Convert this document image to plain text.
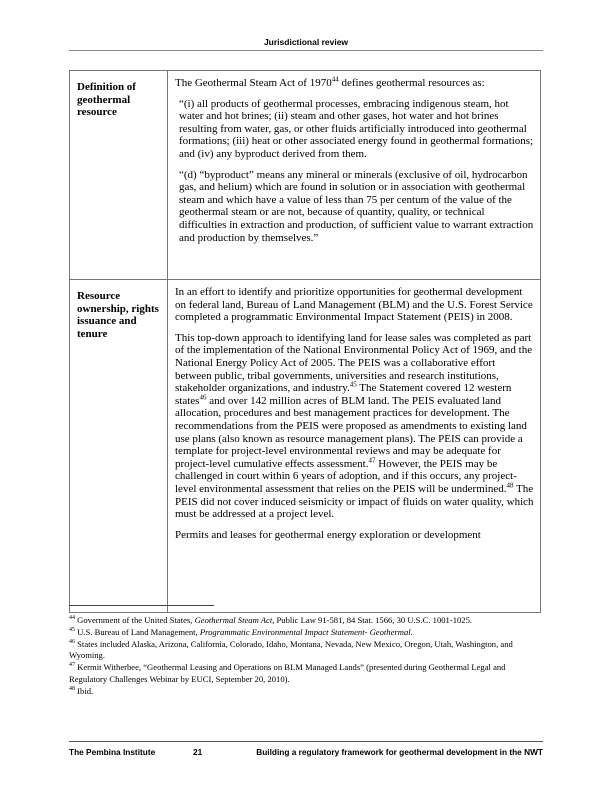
Jurisdictional review
Definition of geothermal resource	The Geothermal Steam Act of 1970$^{44}$ defines geothermal resources as:

“(i) all products of geothermal processes, embracing indigenous steam, hot water and hot brines; (ii) steam and other gases, hot water and hot brines resulting from water, gas, or other fluids artificially introduced into geothermal formations; (iii) heat or other associated energy found in geothermal formations; and (iv) any byproduct derived from them.

“(d) “byproduct” means any mineral or minerals (exclusive of oil, hydrocarbon gas, and helium) which are found in solution or in association with geothermal steam and which have a value of less than 75 per centum of the value of the geothermal steam or are not, because of quantity, quality, or technical difficulties in extraction and production, of sufficient value to warrant extraction and production by themselves.”

Resource ownership, rights issuance and tenure	In an effort to identify and prioritize opportunities for geothermal development on federal land, Bureau of Land Management (BLM) and the U.S. Forest Service completed a programmatic Environmental Impact Statement (PEIS) in 2008.

This top-down approach to identifying land for lease sales was completed as part of the implementation of the National Environmental Policy Act of 1969, and the National Energy Policy Act of 2005. The PEIS was a collaborative effort between public, tribal governments, universities and research institutions, stakeholder organizations, and industry.$^{45}$ The Statement covered 12 western states$^{46}$ and over 142 million acres of BLM land. The PEIS evaluated land allocation, procedures and best management practices for development. The recommendations from the PEIS were proposed as amendments to existing land use plans (also known as resource management plans). The PEIS can provide a template for project-level environmental reviews and may be adequate for project-level cumulative effects assessment.$^{47}$ However, the PEIS may be challenged in court within 6 years of adoption, and if this occurs, any project-level environmental assessment that relies on the PEIS will be undermined.$^{48}$ The PEIS did not cover induced seismicity or impact of fluids on water quality, which must be addressed at a project level.

Permits and leases for geothermal energy exploration or development

$^{44}$ Government of the United States, Geothermal Steam Act, Public Law 91-581, 84 Stat. 1566, 30 U.S.C. 1001-1025.

$^{45}$ U.S. Bureau of Land Management, Programmatic Environmental Impact Statement- Geothermal.

$^{46}$ States included Alaska, Arizona, California, Colorado, Idaho, Montana, Nevada, New Mexico, Oregon, Utah, Washington, and Wyoming.

$^{47}$ Kermit Witherbee, “Geothermal Leasing and Operations on BLM Managed Lands” (presented during Geothermal Legal and Regulatory Challenges Webinar by EUCI, September 20, 2010).

$^{48}$ Ibid.

The Pembina Institute	21	Building a regulatory framework for geothermal development in the NWT
